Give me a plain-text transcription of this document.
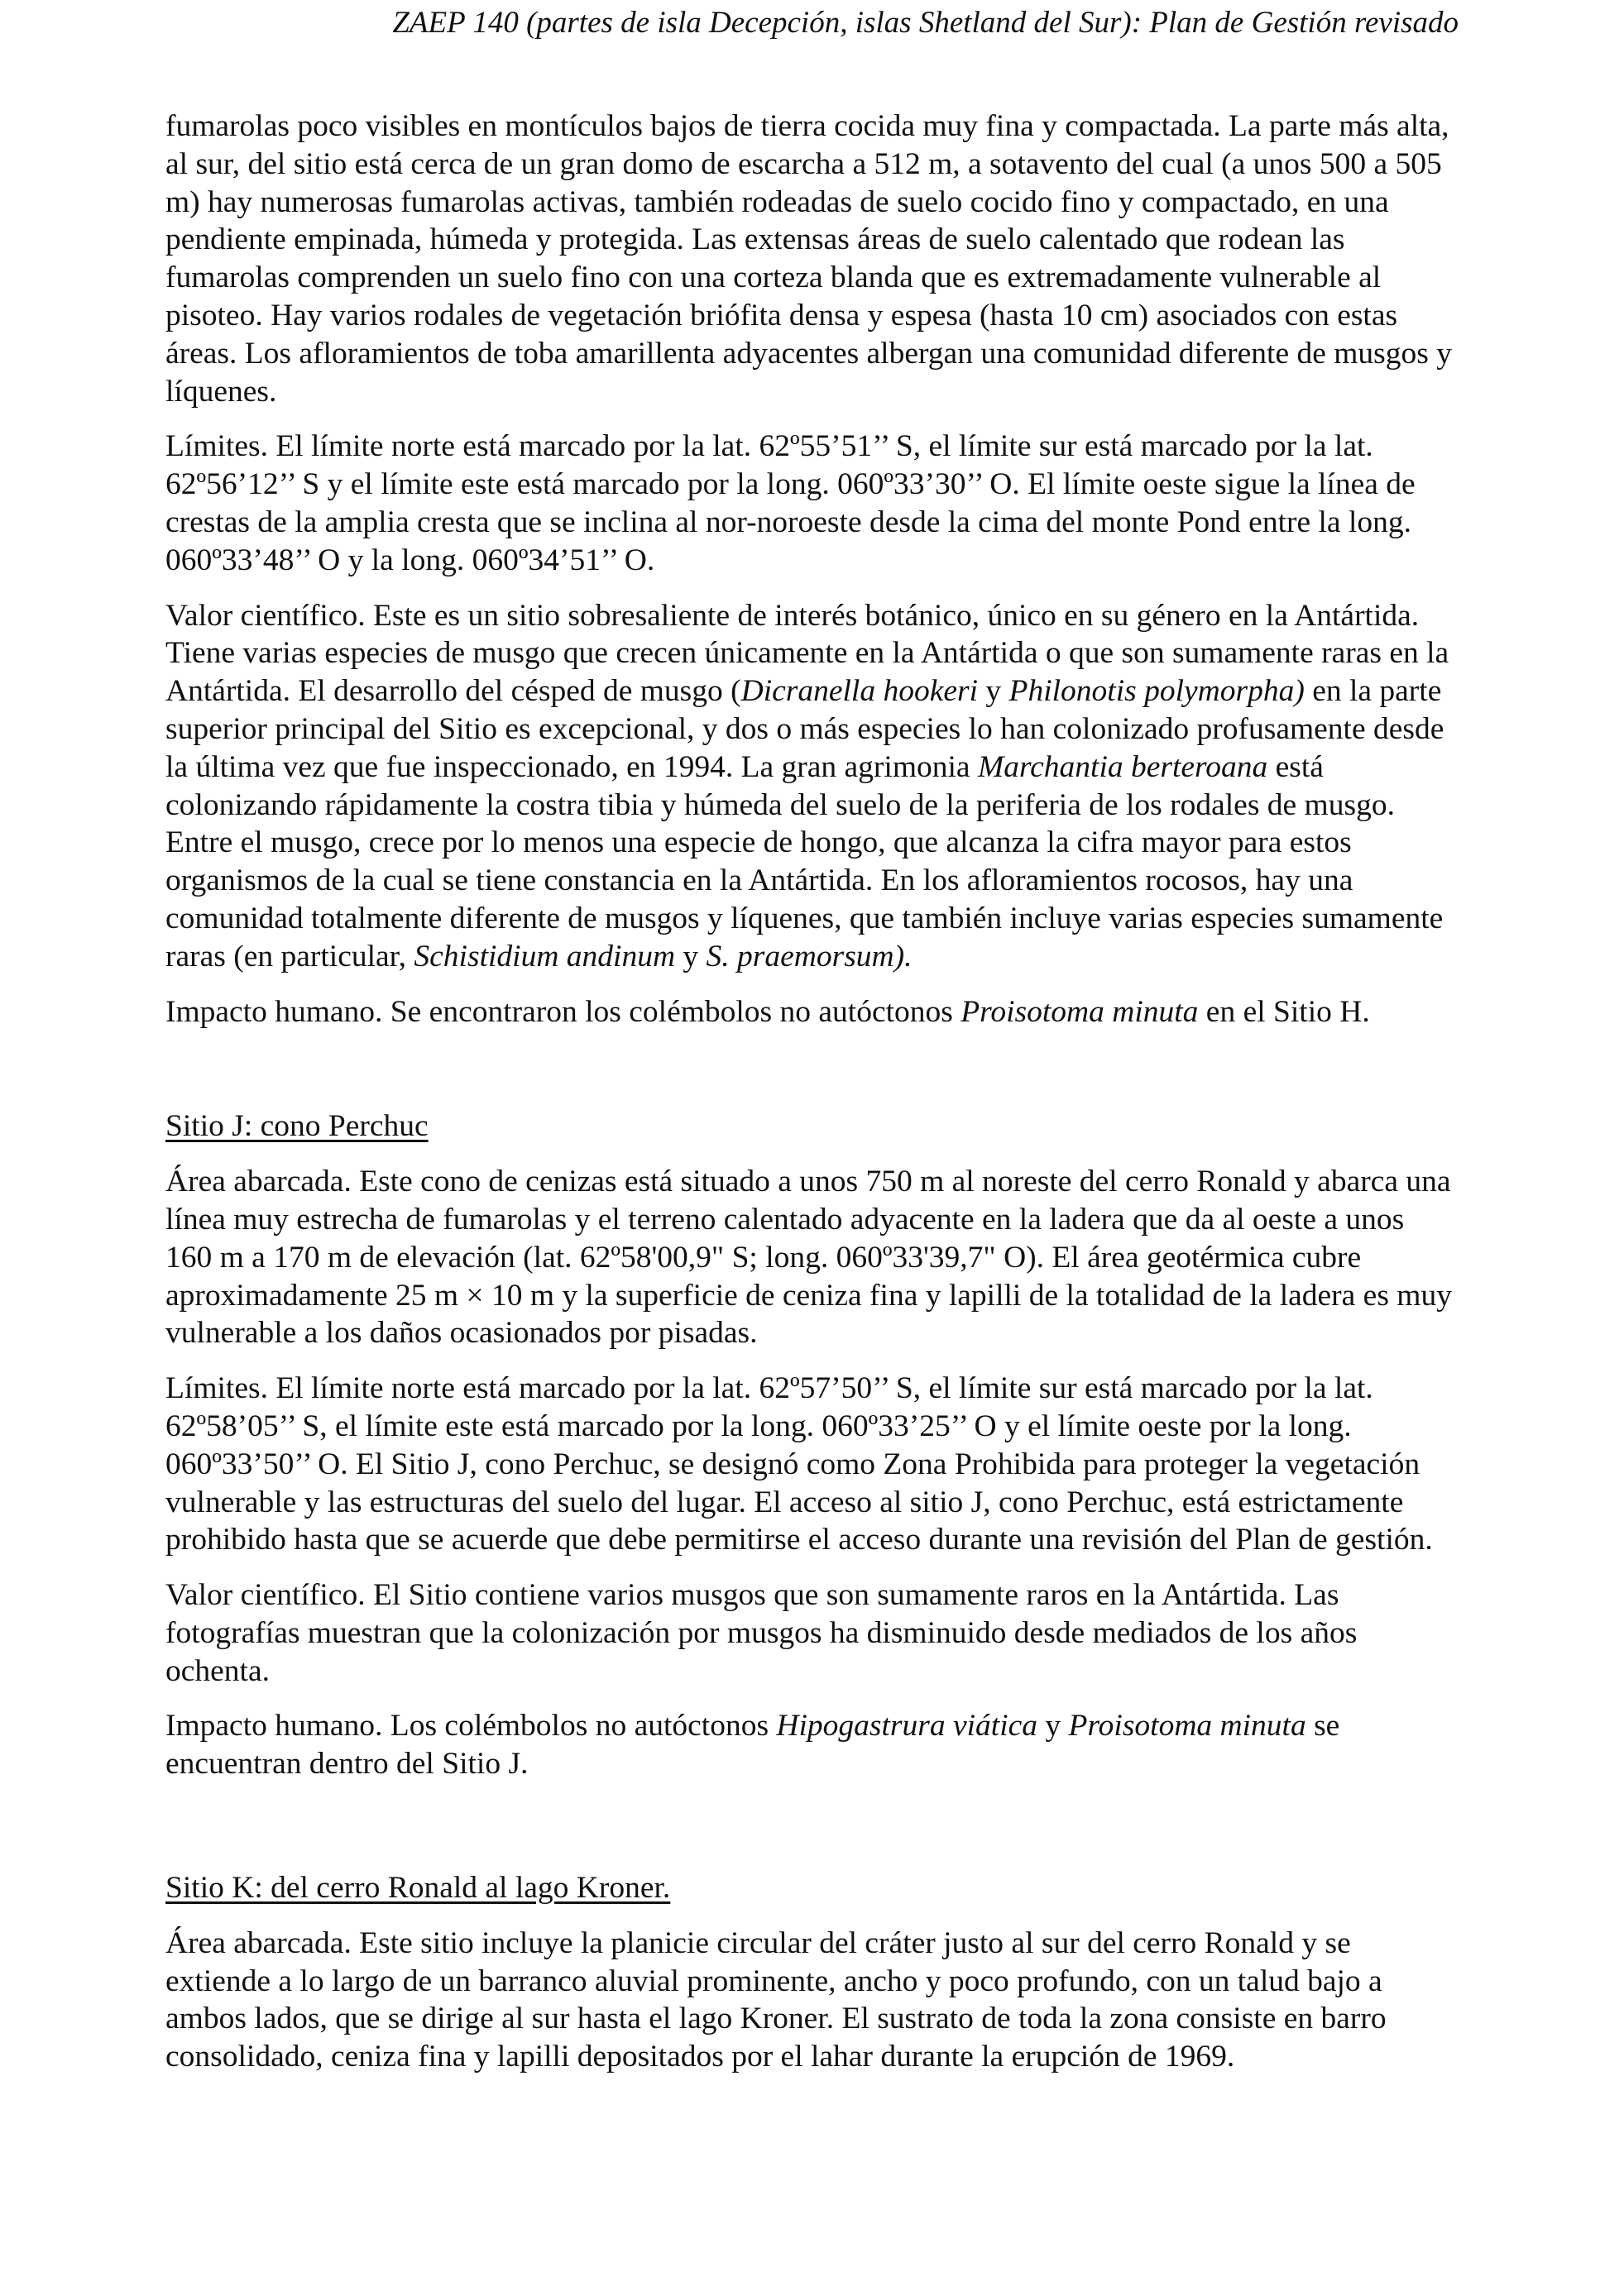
ZAEP 140 (partes de isla Decepción, islas Shetland del Sur): Plan de Gestión revisado

fumarolas poco visibles en montículos bajos de tierra cocida muy fina y compactada. La parte más alta, al sur, del sitio está cerca de un gran domo de escarcha a 512 m, a sotavento del cual (a unos 500 a 505 m) hay numerosas fumarolas activas, también rodeadas de suelo cocido fino y compactado, en una pendiente empinada, húmeda y protegida. Las extensas áreas de suelo calentado que rodean las fumarolas comprenden un suelo fino con una corteza blanda que es extremadamente vulnerable al pisoteo. Hay varios rodales de vegetación briófita densa y espesa (hasta 10 cm) asociados con estas áreas. Los afloramientos de toba amarillenta adyacentes albergan una comunidad diferente de musgos y líquenes.

Límites. El límite norte está marcado por la lat. 62º55’51’’ S, el límite sur está marcado por la lat. 62º56’12’’ S y el límite este está marcado por la long. 060º33’30’’ O. El límite oeste sigue la línea de crestas de la amplia cresta que se inclina al nor-noroeste desde la cima del monte Pond entre la long. 060º33’48’’ O y la long. 060º34’51’’ O.

Valor científico. Este es un sitio sobresaliente de interés botánico, único en su género en la Antártida. Tiene varias especies de musgo que crecen únicamente en la Antártida o que son sumamente raras en la Antártida. El desarrollo del césped de musgo (Dicranella hookeri y Philonotis polymorpha) en la parte superior principal del Sitio es excepcional, y dos o más especies lo han colonizado profusamente desde la última vez que fue inspeccionado, en 1994. La gran agrimonia Marchantia berteroana está colonizando rápidamente la costra tibia y húmeda del suelo de la periferia de los rodales de musgo. Entre el musgo, crece por lo menos una especie de hongo, que alcanza la cifra mayor para estos organismos de la cual se tiene constancia en la Antártida. En los afloramientos rocosos, hay una comunidad totalmente diferente de musgos y líquenes, que también incluye varias especies sumamente raras (en particular, Schistidium andinum y S. praemorsum).

Impacto humano. Se encontraron los colémbolos no autóctonos Proisotoma minuta en el Sitio H.

Sitio J: cono Perchuc

Área abarcada. Este cono de cenizas está situado a unos 750 m al noreste del cerro Ronald y abarca una línea muy estrecha de fumarolas y el terreno calentado adyacente en la ladera que da al oeste a unos 160 m a 170 m de elevación (lat. 62º58'00,9" S; long. 060º33'39,7" O). El área geotérmica cubre aproximadamente 25 m × 10 m y la superficie de ceniza fina y lapilli de la totalidad de la ladera es muy vulnerable a los daños ocasionados por pisadas.

Límites. El límite norte está marcado por la lat. 62º57’50’’ S, el límite sur está marcado por la lat. 62º58’05’’ S, el límite este está marcado por la long. 060º33’25’’ O y el límite oeste por la long. 060º33’50’’ O. El Sitio J, cono Perchuc, se designó como Zona Prohibida para proteger la vegetación vulnerable y las estructuras del suelo del lugar. El acceso al sitio J, cono Perchuc, está estrictamente prohibido hasta que se acuerde que debe permitirse el acceso durante una revisión del Plan de gestión.

Valor científico. El Sitio contiene varios musgos que son sumamente raros en la Antártida. Las fotografías muestran que la colonización por musgos ha disminuido desde mediados de los años ochenta.

Impacto humano. Los colémbolos no autóctonos Hipogastrura viática y Proisotoma minuta se encuentran dentro del Sitio J.

Sitio K: del cerro Ronald al lago Kroner.

Área abarcada. Este sitio incluye la planicie circular del cráter justo al sur del cerro Ronald y se extiende a lo largo de un barranco aluvial prominente, ancho y poco profundo, con un talud bajo a ambos lados, que se dirige al sur hasta el lago Kroner. El sustrato de toda la zona consiste en barro consolidado, ceniza fina y lapilli depositados por el lahar durante la erupción de 1969.
